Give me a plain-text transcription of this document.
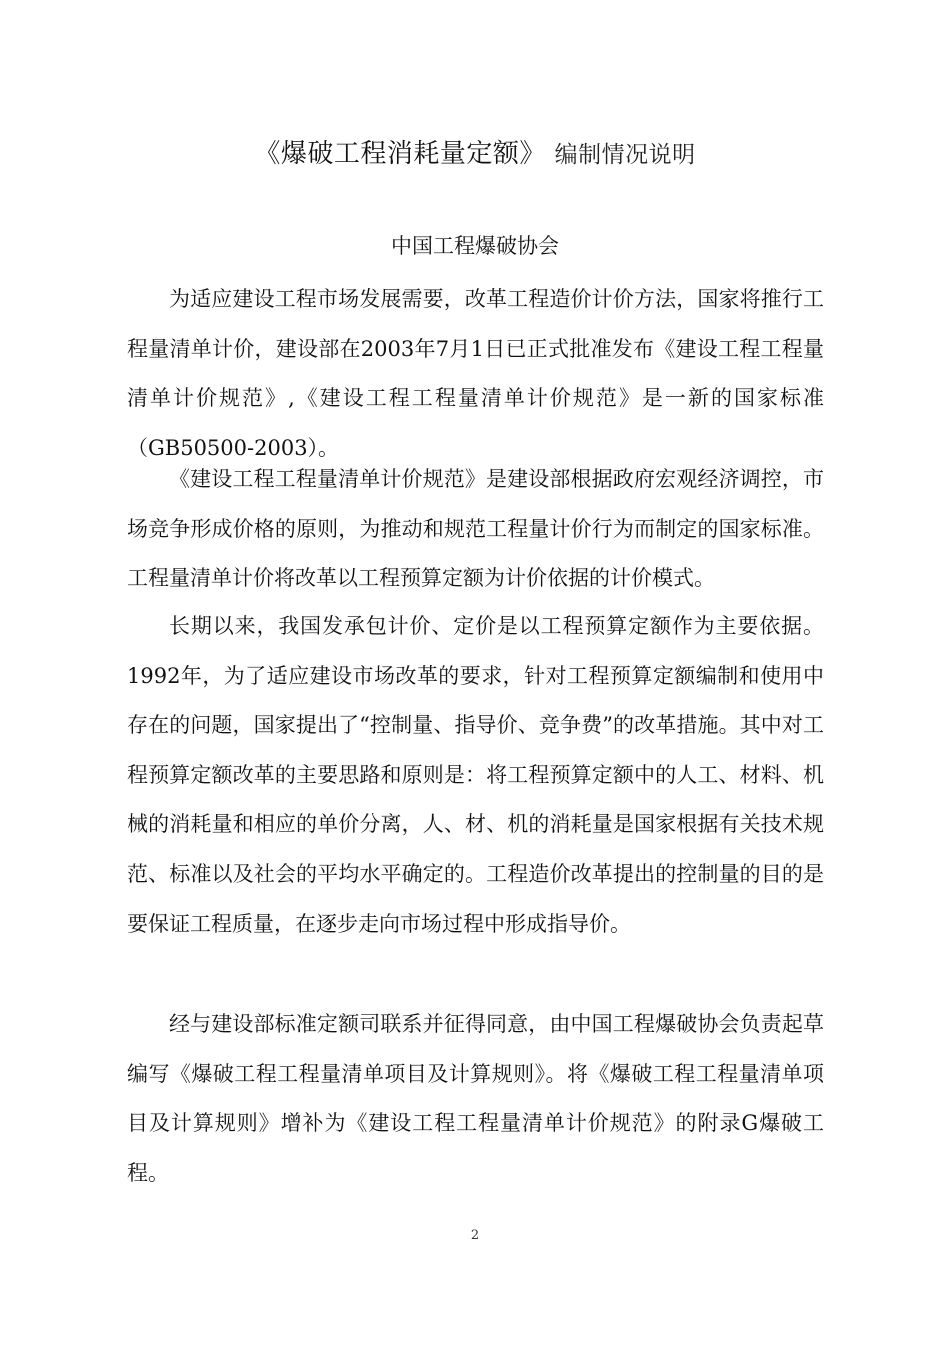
《爆破工程消耗量定额》 编制情况说明
中国工程爆破协会

为适应建设工程市场发展需要，改革工程造价计价方法，国家将推行工程量清单计价，建设部在2003年7月1日已正式批准发布《建设工程工程量清单计价规范》,《建设工程工程量清单计价规范》是一新的国家标准（GB50500-2003）。

《建设工程工程量清单计价规范》是建设部根据政府宏观经济调控，市场竞争形成价格的原则，为推动和规范工程量计价行为而制定的国家标准。工程量清单计价将改革以工程预算定额为计价依据的计价模式。

长期以来，我国发承包计价、定价是以工程预算定额作为主要依据。1992年，为了适应建设市场改革的要求，针对工程预算定额编制和使用中存在的问题，国家提出了“控制量、指导价、竞争费”的改革措施。其中对工程预算定额改革的主要思路和原则是：将工程预算定额中的人工、材料、机械的消耗量和相应的单价分离，人、材、机的消耗量是国家根据有关技术规范、标准以及社会的平均水平确定的。工程造价改革提出的控制量的目的是要保证工程质量，在逐步走向市场过程中形成指导价。

经与建设部标准定额司联系并征得同意，由中国工程爆破协会负责起草编写《爆破工程工程量清单项目及计算规则》。将《爆破工程工程量清单项目及计算规则》增补为《建设工程工程量清单计价规范》的附录G爆破工程。

2
